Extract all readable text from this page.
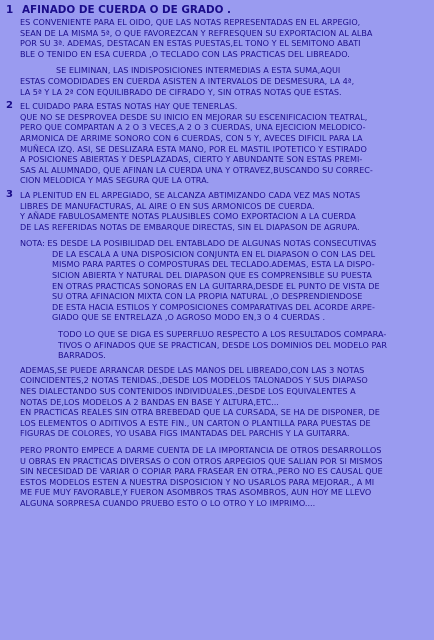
1 AFINADO DE CUERDA O DE GRADO .

ES CONVENIENTE PARA EL OIDO, QUE LAS NOTAS REPRESENTADAS EN EL ARPEGIO,

SEAN DE LA MISMA 5ª, O QUE FAVOREZCAN Y REFRESQUEN SU EXPORTACION AL ALBA

POR SU 3ª. ADEMAS, DESTACAN EN ESTAS PUESTAS,EL TONO Y EL SEMITONO ABATI

BLE O TENIDO EN ESA CUERDA ,O TECLADO CON LAS PRACTICAS DEL LIBREADO.

SE ELIMINAN, LAS INDISPOSICIONES INTERMEDIAS A ESTA SUMA,AQUI

ESTAS COMODIDADES EN CUERDA ASISTEN A INTERVALOS DE DESMESURA, LA 4ª,

LA 5ª Y LA 2ª CON EQUILIBRADO DE CIFRADO Y, SIN OTRAS NOTAS QUE ESTAS.

2 EL CUIDADO PARA ESTAS NOTAS HAY QUE TENERLAS.

QUE NO SE DESPROVEA DESDE SU INICIO EN MEJORAR SU ESCENIFICACION TEATRAL,

PERO QUE COMPARTAN A 2 O 3 VECES,A 2 O 3 CUERDAS, UNA EJECICION MELODICO-

ARMONICA DE ARRIME SONORO CON 6 CUERDAS, CON 5 Y, AVECES DIFICIL PARA LA

MUÑECA IZQ. ASI, SE DESLIZARA ESTA MANO, POR EL MASTIL IPOTETICO Y ESTIRADO

A POSICIONES ABIERTAS Y DESPLAZADAS, CIERTO Y ABUNDANTE SON ESTAS PREMI-

SAS AL ALUMNADO, QUE AFINAN LA CUERDA UNA Y OTRAVEZ,BUSCANDO SU CORREC-

CION MELODICA Y MAS SEGURA QUE LA OTRA.

3 LA PLENITUD EN EL ARPEGIADO, SE ALCANZA ABTIMIZANDO CADA VEZ MAS NOTAS

LIBRES DE MANUFACTURAS, AL AIRE O EN SUS ARMONICOS DE CUERDA.

Y AÑADE FABULOSAMENTE NOTAS PLAUSIBLES COMO EXPORTACION A LA CUERDA

DE LAS REFERIDAS NOTAS DE EMBARQUE DIRECTAS, SIN EL DIAPASON DE AGRUPA.

NOTA: ES DESDE LA POSIBILIDAD DEL ENTABLADO DE ALGUNAS NOTAS CONSECUTIVAS

DE LA ESCALA A UNA DISPOSICION CONJUNTA EN EL DIAPASON O CON LAS DEL

MISMO PARA PARTES O COMPOSTURAS DEL TECLADO.ADEMAS, ESTA LA DISPO-

SICION ABIERTA Y NATURAL DEL DIAPASON QUE ES COMPRENSIBLE SU PUESTA

EN OTRAS PRACTICAS SONORAS EN LA GUITARRA,DESDE EL PUNTO DE VISTA DE

SU OTRA AFINACION MIXTA CON LA PROPIA NATURAL ,O DESPRENDIENDOSE

DE ESTA HACIA ESTILOS Y COMPOSICIONES COMPARATIVAS DEL ACORDE ARPE-

GIADO QUE SE ENTRELAZA ,O AGROSO MODO EN,3 O 4 CUERDAS .

TODO LO QUE SE DIGA ES SUPERFLUO RESPECTO A LOS RESULTADOS COMPARA-

TIVOS O AFINADOS QUE SE PRACTICAN, DESDE LOS DOMINIOS DEL MODELO PAR

BARRADOS.

ADEMAS,SE PUEDE ARRANCAR DESDE LAS MANOS DEL LIBREADO,CON LAS 3 NOTAS

COINCIDENTES,2 NOTAS TENIDAS.,DESDE LOS MODELOS TALONADOS Y SUS DIAPASO

NES DIALECTANDO SUS CONTENIDOS INDIVIDUALES.,DESDE LOS EQUIVALENTES A

NOTAS DE,LOS MODELOS A 2 BANDAS EN BASE Y ALTURA,ETC...

EN PRACTICAS REALES SIN OTRA BREBEDAD QUE LA CURSADA, SE HA DE DISPONER, DE

LOS ELEMENTOS O ADITIVOS A ESTE FIN., UN CARTON O PLANTILLA PARA PUESTAS DE

FIGURAS DE COLORES, YO USABA FIGS IMANTADAS DEL PARCHIS Y LA GUITARRA.

PERO PRONTO EMPECE A DARME CUENTA DE LA IMPORTANCIA DE OTROS DESARROLLOS

U OBRAS EN PRACTICAS DIVERSAS O CON OTROS ARPEGIOS QUE SALIAN POR SI MISMOS

SIN NECESIDAD DE VARIAR O COPIAR PARA FRASEAR EN OTRA.,PERO NO ES CAUSAL QUE

ESTOS MODELOS ESTEN A NUESTRA DISPOSICION Y NO USARLOS PARA MEJORAR., A MI

ME FUE MUY FAVORABLE,Y FUERON ASOMBROS TRAS ASOMBROS, AUN HOY ME LLEVO

ALGUNA SORPRESA CUANDO PRUEBO ESTO O LO OTRO Y LO IMPRIMO....
